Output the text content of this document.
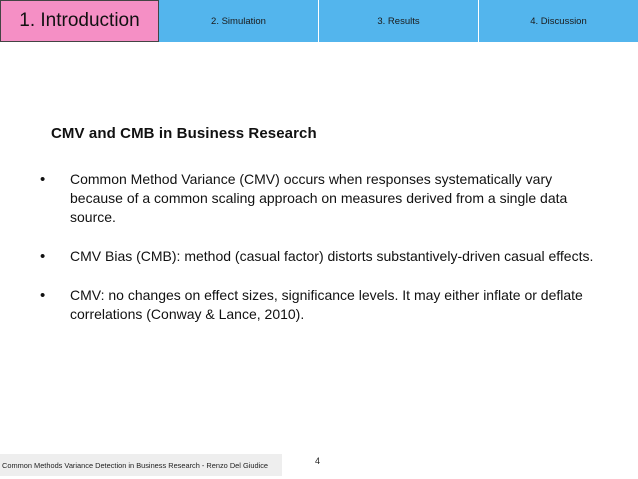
1. Introduction	2. Simulation	3. Results	4. Discussion
CMV and CMB in Business Research
• Common Method Variance (CMV) occurs when responses systematically vary because of a common scaling approach on measures derived from a single data source.
• CMV Bias (CMB): method (casual factor) distorts substantively-driven casual effects.
• CMV: no changes on effect sizes, significance levels. It may either inflate or deflate correlations (Conway & Lance, 2010).
Common Methods Variance Detection in Business Research - Renzo Del Giudice	4
